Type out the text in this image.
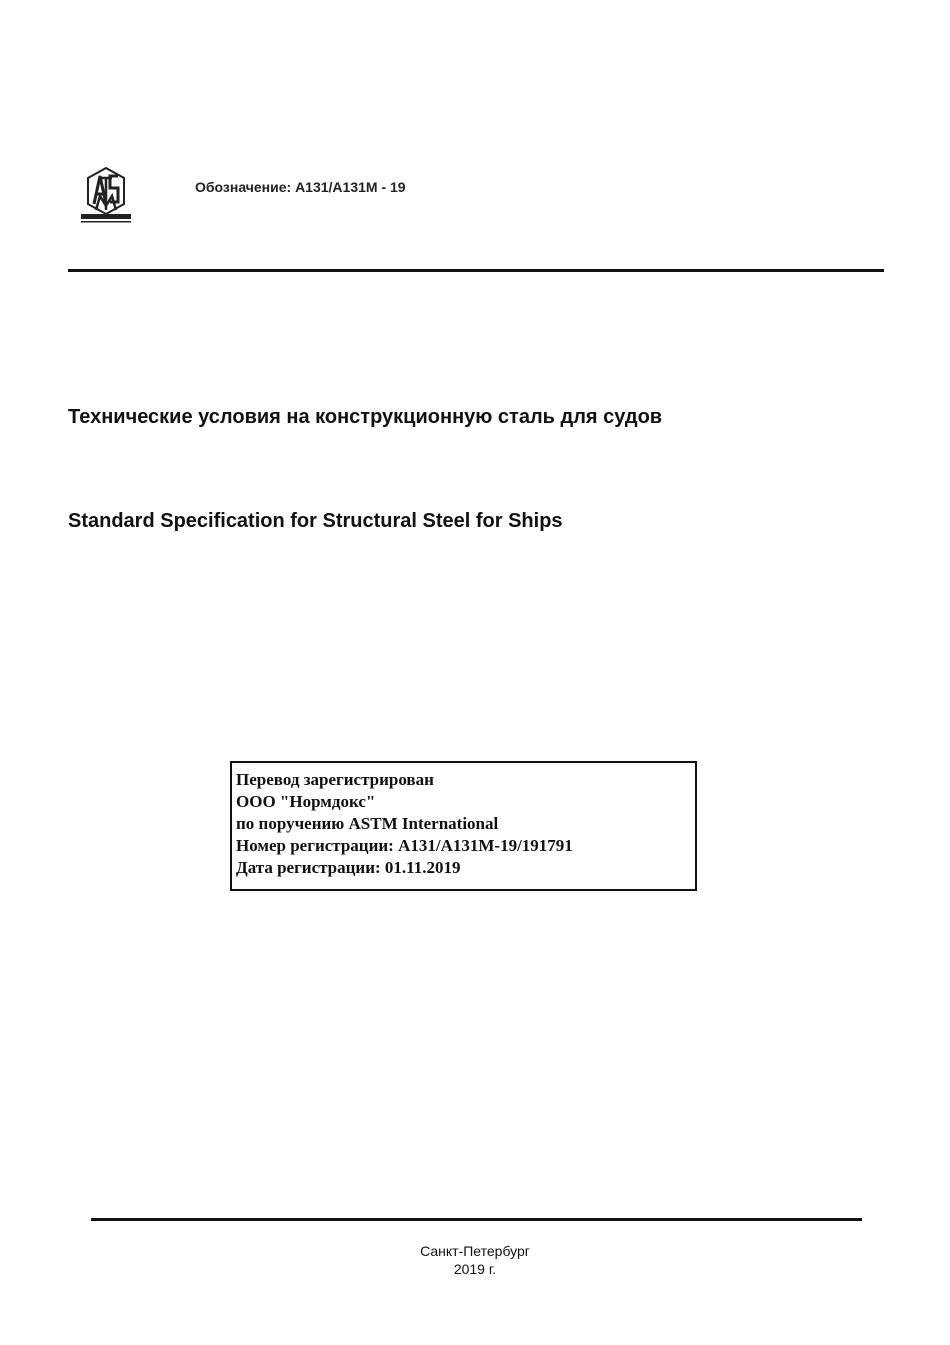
Обозначение: A131/A131M - 19
Технические условия на конструкционную сталь для судов
Standard Specification for Structural Steel for Ships
Перевод зарегистрирован
ООО "Нормдокс"
по поручению ASTM International
Номер регистрации: A131/A131M-19/191791
Дата регистрации: 01.11.2019
Санкт-Петербург
2019 г.
